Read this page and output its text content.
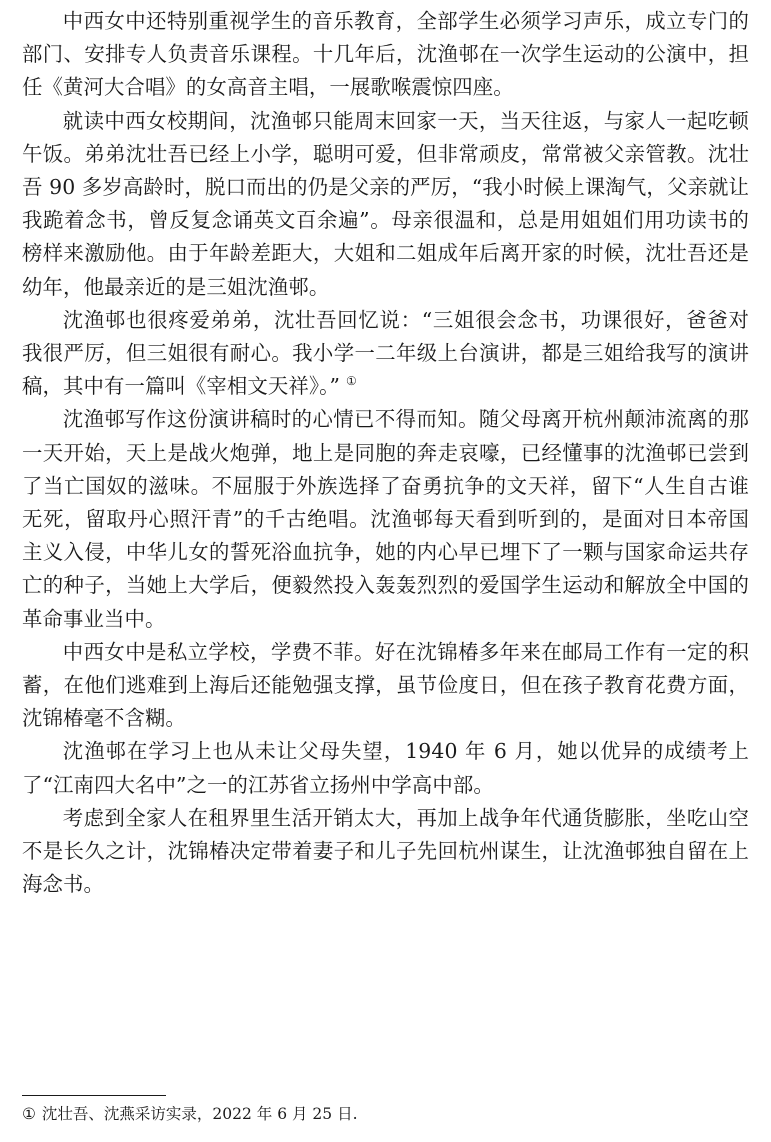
中西女中还特别重视学生的音乐教育，全部学生必须学习声乐，成立专门的部门、安排专人负责音乐课程。十几年后，沈渔邨在一次学生运动的公演中，担任《黄河大合唱》的女高音主唱，一展歌喉震惊四座。

就读中西女校期间，沈渔邨只能周末回家一天，当天往返，与家人一起吃顿午饭。弟弟沈壮吾已经上小学，聪明可爱，但非常顽皮，常常被父亲管教。沈壮吾 90 多岁高龄时，脱口而出的仍是父亲的严厉，“我小时候上课淘气，父亲就让我跪着念书，曾反复念诵英文百余遍”。母亲很温和，总是用姐姐们用功读书的榜样来激励他。由于年龄差距大，大姐和二姐成年后离开家的时候，沈壮吾还是幼年，他最亲近的是三姐沈渔邨。

沈渔邨也很疼爱弟弟，沈壮吾回忆说：“三姐很会念书，功课很好，爸爸对我很严厉，但三姐很有耐心。我小学一二年级上台演讲，都是三姐给我写的演讲稿，其中有一篇叫《宰相文天祥》。” ①

沈渔邨写作这份演讲稿时的心情已不得而知。随父母离开杭州颠沛流离的那一天开始，天上是战火炮弹，地上是同胞的奔走哀嚎，已经懂事的沈渔邨已尝到了当亡国奴的滋味。不屈服于外族选择了奋勇抗争的文天祥，留下“人生自古谁无死，留取丹心照汗青”的千古绝唱。沈渔邨每天看到听到的，是面对日本帝国主义入侵，中华儿女的誓死浴血抗争，她的内心早已埋下了一颗与国家命运共存亡的种子，当她上大学后，便毅然投入轰轰烈烈的爱国学生运动和解放全中国的革命事业当中。

中西女中是私立学校，学费不菲。好在沈锦椿多年来在邮局工作有一定的积蓄，在他们逃难到上海后还能勉强支撑，虽节俭度日，但在孩子教育花费方面，沈锦椿毫不含糊。

沈渔邨在学习上也从未让父母失望，1940 年 6 月，她以优异的成绩考上了“江南四大名中”之一的江苏省立扬州中学高中部。

考虑到全家人在租界里生活开销太大，再加上战争年代通货膨胀，坐吃山空不是长久之计，沈锦椿决定带着妻子和儿子先回杭州谋生，让沈渔邨独自留在上海念书。

① 沈壮吾、沈燕采访实录，2022 年 6 月 25 日.
